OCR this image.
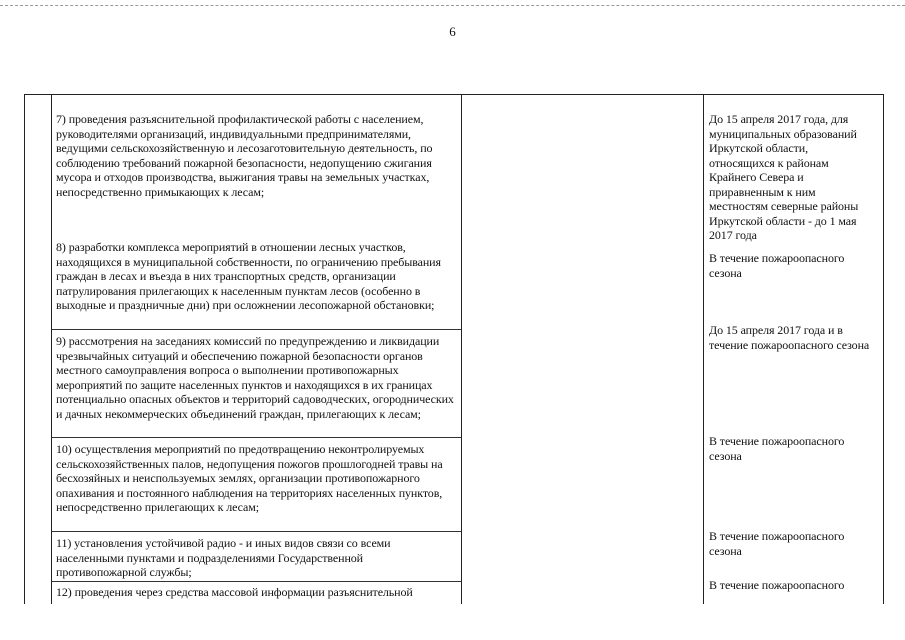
6
7) проведения разъяснительной профилактической работы с населением, руководителями организаций, индивидуальными предпринимателями, ведущими сельскохозяйственную и лесозаготовительную деятельность, по соблюдению требований пожарной безопасности, недопущению сжигания мусора и отходов производства, выжигания травы на земельных участках, непосредственно примыкающих к лесам;
8) разработки комплекса мероприятий в отношении лесных участков, находящихся в муниципальной собственности, по ограничению пребывания граждан в лесах и въезда в них транспортных средств, организации патрулирования прилегающих к населенным пунктам лесов (особенно в выходные и праздничные дни) при осложнении лесопожарной обстановки;
9) рассмотрения на заседаниях комиссий по предупреждению и ликвидации чрезвычайных ситуаций и обеспечению пожарной безопасности органов местного самоуправления вопроса о выполнении противопожарных мероприятий по защите населенных пунктов и находящихся в их границах потенциально опасных объектов и территорий садоводческих, огороднических и дачных некоммерческих объединений граждан, прилегающих к лесам;
10) осуществления мероприятий по предотвращению неконтролируемых сельскохозяйственных палов, недопущения пожогов прошлогодней травы на бесхозяйных и неиспользуемых землях, организации противопожарного опахивания и постоянного наблюдения на территориях населенных пунктов, непосредственно прилегающих к лесам;
11) установления устойчивой радио - и иных видов связи со всеми населенными пунктами и подразделениями Государственной противопожарной службы;
12) проведения через средства массовой информации разъяснительной
До 15 апреля 2017 года, для муниципальных образований Иркутской области, относящихся к районам Крайнего Севера и приравненным к ним местностям северные районы Иркутской области - до 1 мая 2017 года
В течение пожароопасного сезона
До 15 апреля 2017 года и в течение пожароопасного сезона
В течение пожароопасного сезона
В течение пожароопасного сезона
В течение пожароопасного
